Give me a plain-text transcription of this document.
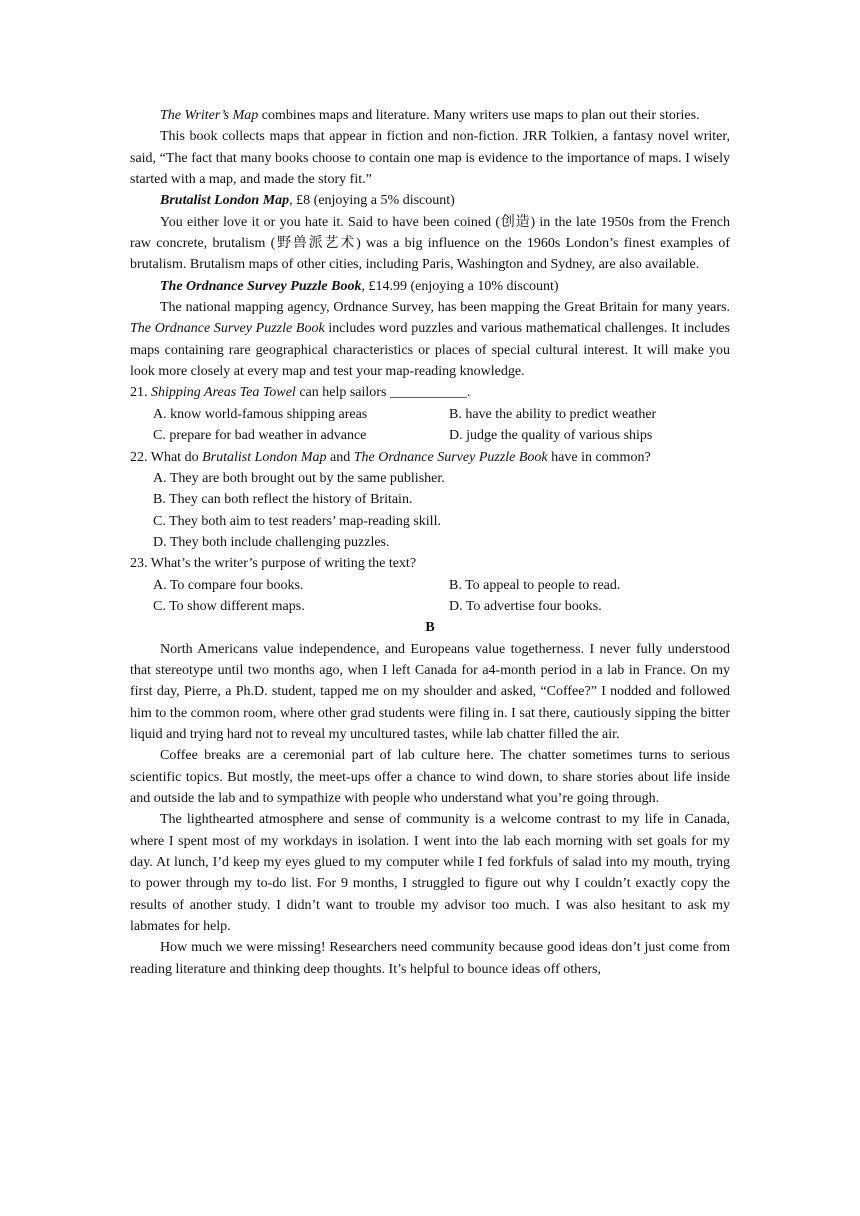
The Writer’s Map combines maps and literature. Many writers use maps to plan out their stories.

This book collects maps that appear in fiction and non-fiction. JRR Tolkien, a fantasy novel writer, said, “The fact that many books choose to contain one map is evidence to the importance of maps. I wisely started with a map, and made the story fit.”

Brutalist London Map, £8 (enjoying a 5% discount)

You either love it or you hate it. Said to have been coined (创造) in the late 1950s from the French raw concrete, brutalism (野兽派艺术) was a big influence on the 1960s London’s finest examples of brutalism. Brutalism maps of other cities, including Paris, Washington and Sydney, are also available.

The Ordnance Survey Puzzle Book, £14.99 (enjoying a 10% discount)

The national mapping agency, Ordnance Survey, has been mapping the Great Britain for many years. The Ordnance Survey Puzzle Book includes word puzzles and various mathematical challenges. It includes maps containing rare geographical characteristics or places of special cultural interest. It will make you look more closely at every map and test your map-reading knowledge.

21. Shipping Areas Tea Towel can help sailors ___________.

A. know world-famous shipping areas	B. have the ability to predict weather
C. prepare for bad weather in advance	D. judge the quality of various ships

22. What do Brutalist London Map and The Ordnance Survey Puzzle Book have in common?

A. They are both brought out by the same publisher.

B. They can both reflect the history of Britain.

C. They both aim to test readers’ map-reading skill.

D. They both include challenging puzzles.

23. What’s the writer’s purpose of writing the text?

A. To compare four books.	B. To appeal to people to read.
C. To show different maps.	D. To advertise four books.

B

North Americans value independence, and Europeans value togetherness. I never fully understood that stereotype until two months ago, when I left Canada for a4-month period in a lab in France. On my first day, Pierre, a Ph.D. student, tapped me on my shoulder and asked, “Coffee?” I nodded and followed him to the common room, where other grad students were filing in. I sat there, cautiously sipping the bitter liquid and trying hard not to reveal my uncultured tastes, while lab chatter filled the air.

Coffee breaks are a ceremonial part of lab culture here. The chatter sometimes turns to serious scientific topics. But mostly, the meet-ups offer a chance to wind down, to share stories about life inside and outside the lab and to sympathize with people who understand what you’re going through.

The lighthearted atmosphere and sense of community is a welcome contrast to my life in Canada, where I spent most of my workdays in isolation. I went into the lab each morning with set goals for my day. At lunch, I’d keep my eyes glued to my computer while I fed forkfuls of salad into my mouth, trying to power through my to-do list. For 9 months, I struggled to figure out why I couldn’t exactly copy the results of another study. I didn’t want to trouble my advisor too much. I was also hesitant to ask my labmates for help.

How much we were missing! Researchers need community because good ideas don’t just come from reading literature and thinking deep thoughts. It’s helpful to bounce ideas off others,
